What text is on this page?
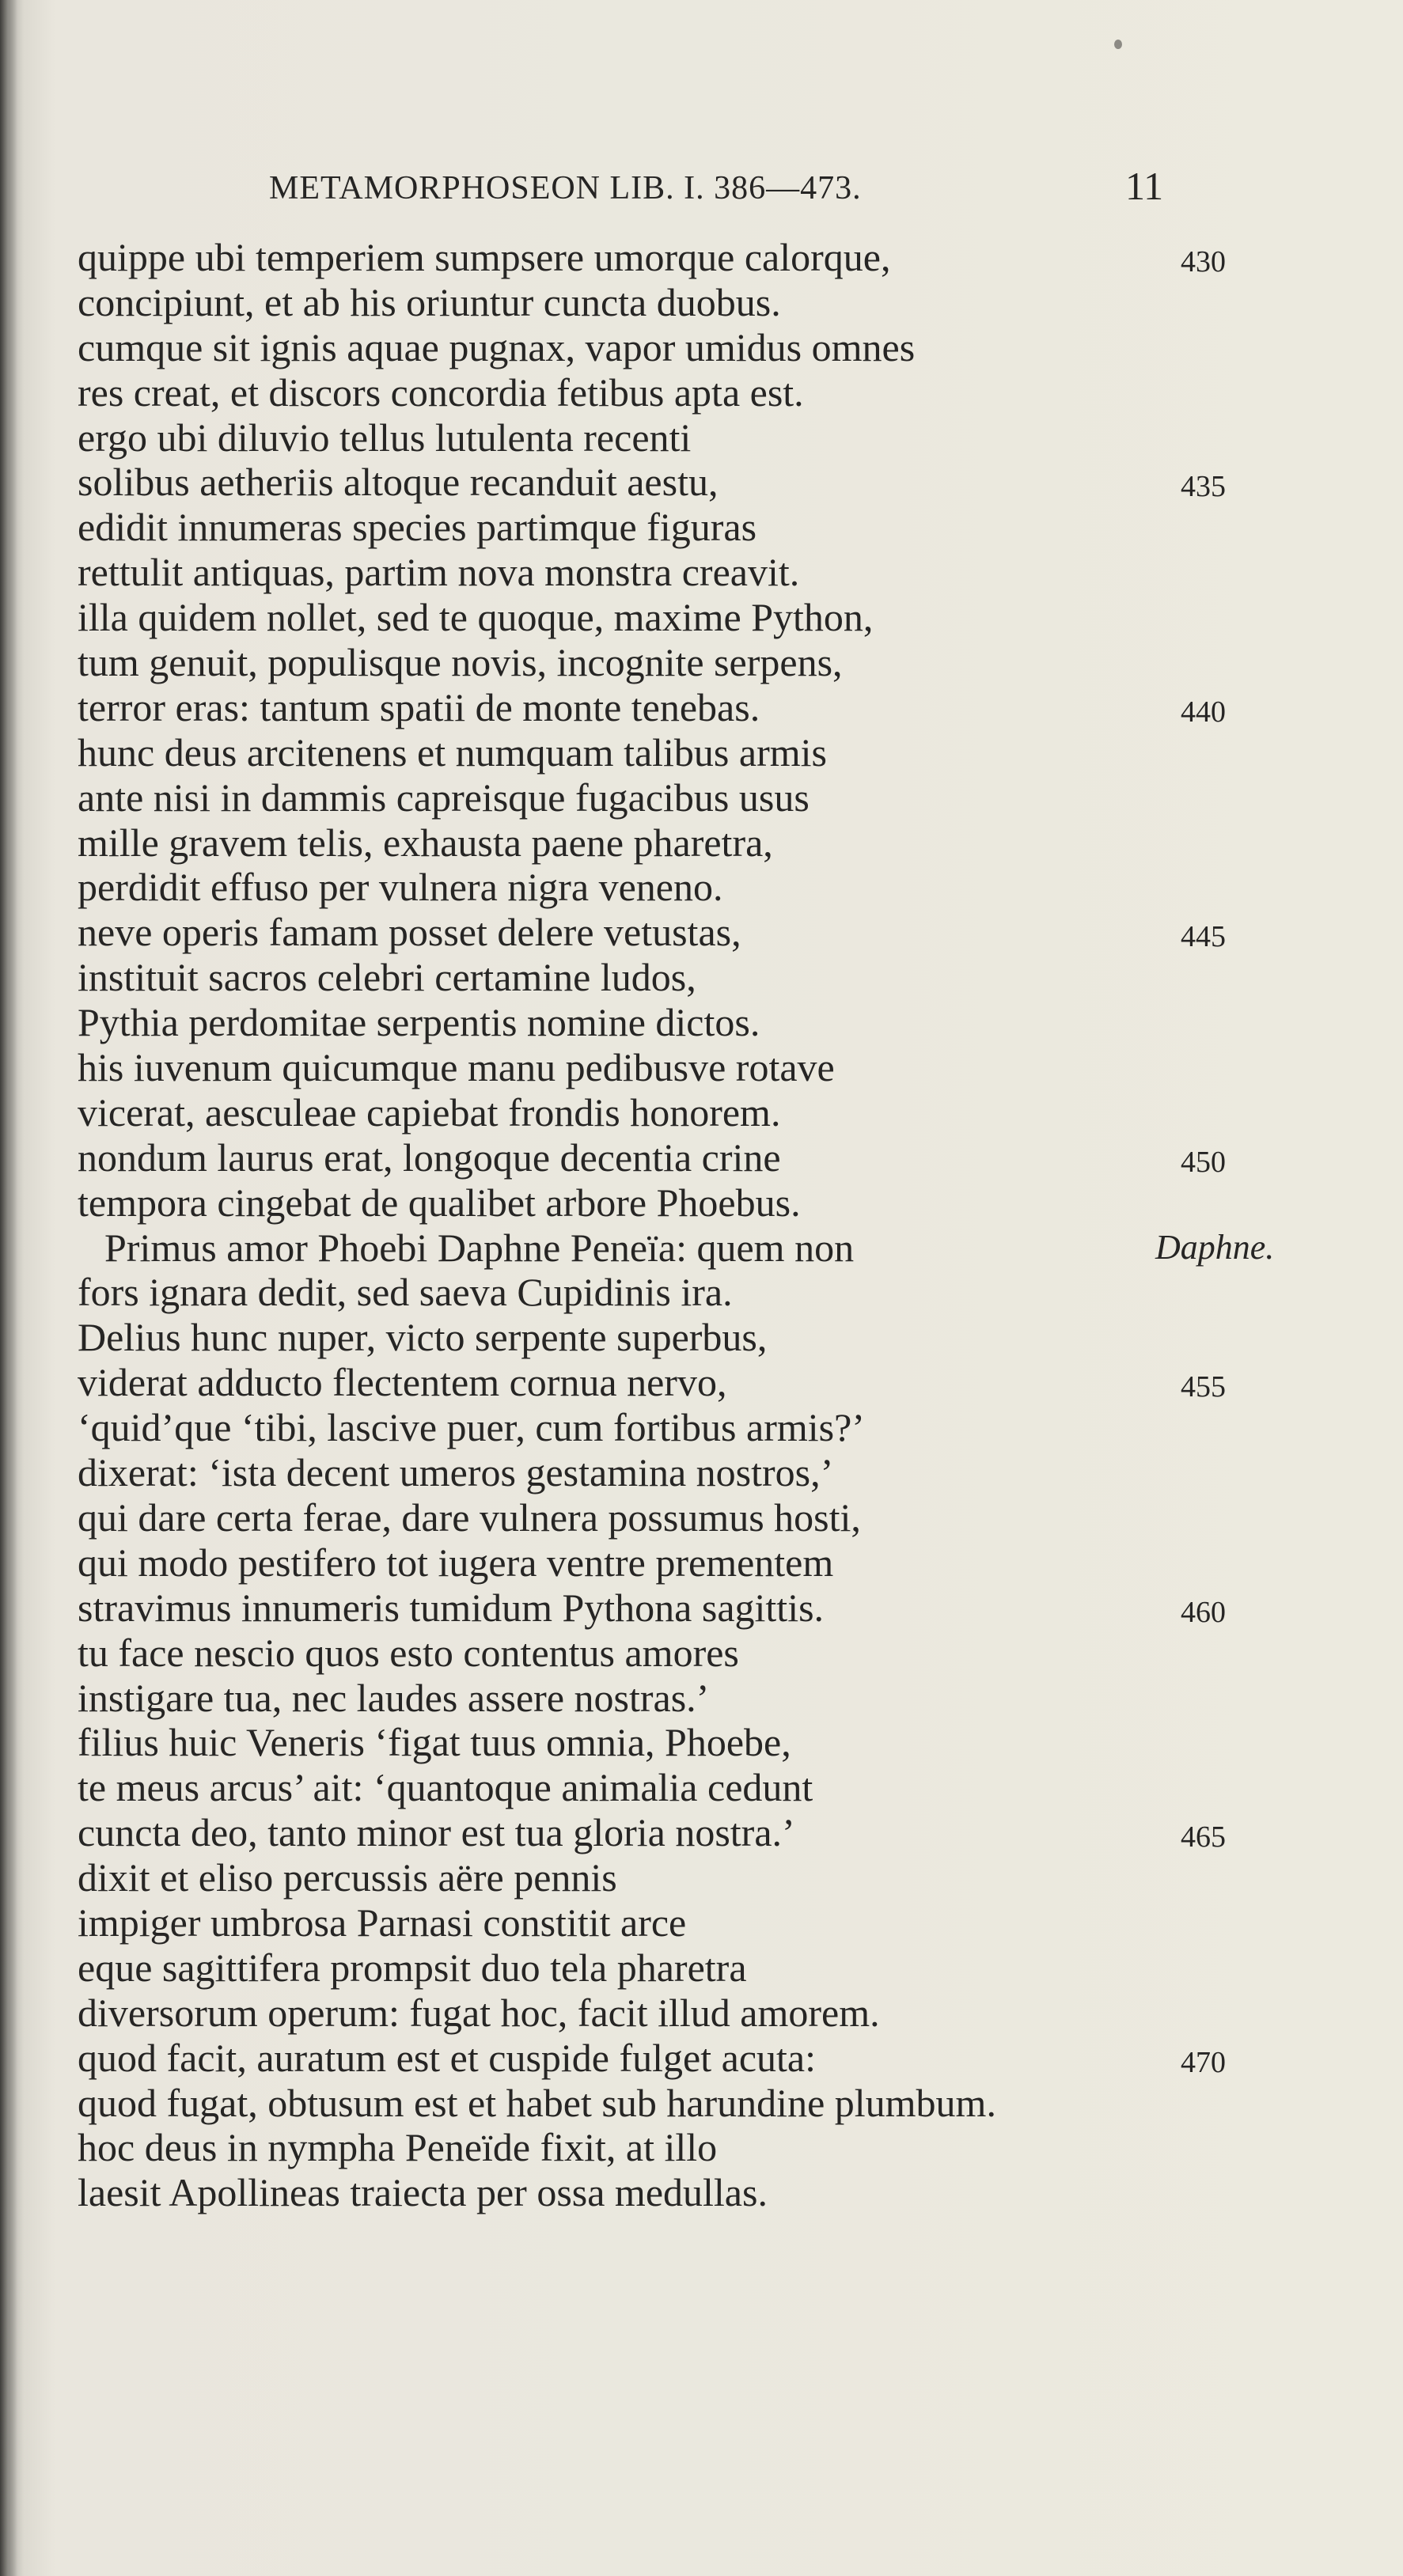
METAMORPHOSEON LIB. I. 386—473.	11
quippe ubi temperiem sumpsere umorque calorque,	430
concipiunt, et ab his oriuntur cuncta duobus.
cumque sit ignis aquae pugnax, vapor umidus omnes
res creat, et discors concordia fetibus apta est.
ergo ubi diluvio tellus lutulenta recenti
solibus aetheriis altoque recanduit aestu,	435
edidit innumeras species partimque figuras
rettulit antiquas, partim nova monstra creavit.
illa quidem nollet, sed te quoque, maxime Python,
tum genuit, populisque novis, incognite serpens,
terror eras: tantum spatii de monte tenebas.	440
hunc deus arcitenens et numquam talibus armis
ante nisi in dammis capreisque fugacibus usus
mille gravem telis, exhausta paene pharetra,
perdidit effuso per vulnera nigra veneno.
neve operis famam posset delere vetustas,	445
instituit sacros celebri certamine ludos,
Pythia perdomitae serpentis nomine dictos.
his iuvenum quicumque manu pedibusve rotave
vicerat, aesculeae capiebat frondis honorem.
nondum laurus erat, longoque decentia crine	450
tempora cingebat de qualibet arbore Phoebus.
Primus amor Phoebi Daphne Peneïa: quem non	Daphne.
fors ignara dedit, sed saeva Cupidinis ira.
Delius hunc nuper, victo serpente superbus,
viderat adducto flectentem cornua nervo,	455
‘quid’que ‘tibi, lascive puer, cum fortibus armis?’
dixerat: ‘ista decent umeros gestamina nostros,’
qui dare certa ferae, dare vulnera possumus hosti,
qui modo pestifero tot iugera ventre prementem
stravimus innumeris tumidum Pythona sagittis.	460
tu face nescio quos esto contentus amores
instigare tua, nec laudes assere nostras.’
filius huic Veneris ‘figat tuus omnia, Phoebe,
te meus arcus’ ait: ‘quantoque animalia cedunt
cuncta deo, tanto minor est tua gloria nostra.’	465
dixit et eliso percussis aëre pennis
impiger umbrosa Parnasi constitit arce
eque sagittifera prompsit duo tela pharetra
diversorum operum: fugat hoc, facit illud amorem.
quod facit, auratum est et cuspide fulget acuta:	470
quod fugat, obtusum est et habet sub harundine plumbum.
hoc deus in nympha Peneïde fixit, at illo
laesit Apollineas traiecta per ossa medullas.
